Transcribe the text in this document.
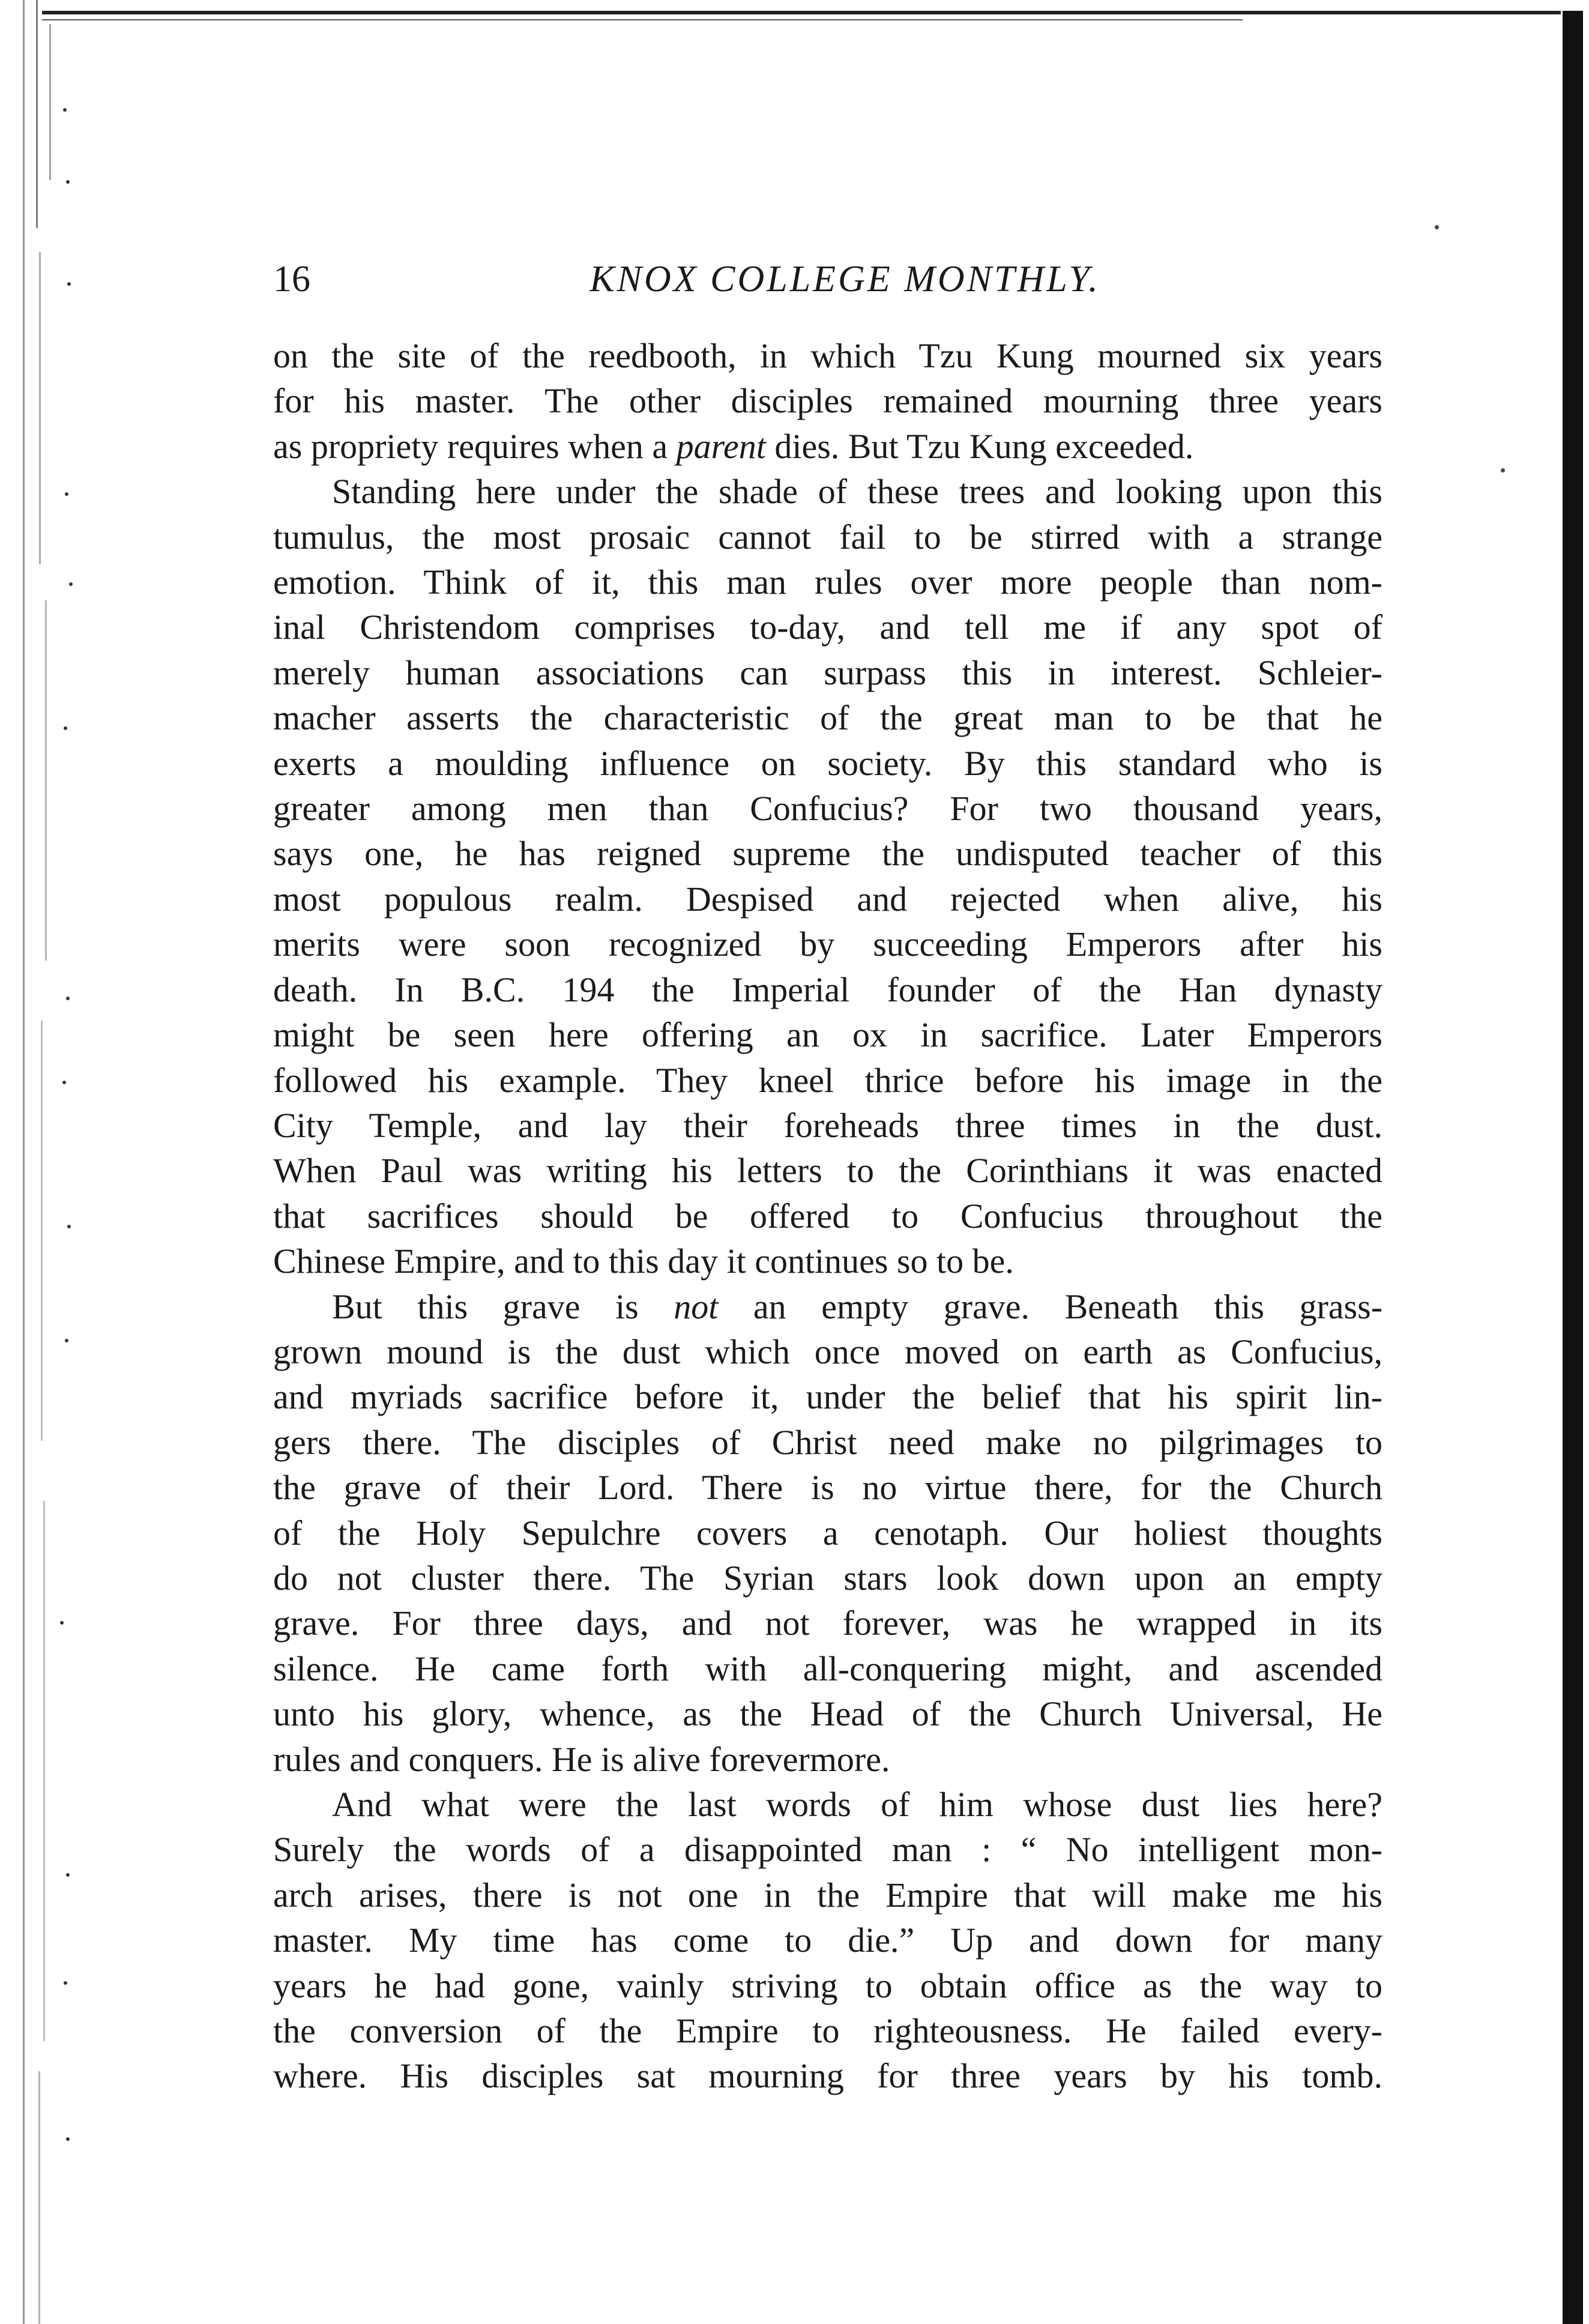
16	KNOX COLLEGE MONTHLY.
on the site of the reedbooth, in which Tzu Kung mourned six years
for his master. The other disciples remained mourning three years
as propriety requires when a parent dies. But Tzu Kung exceeded.
Standing here under the shade of these trees and looking upon this
tumulus, the most prosaic cannot fail to be stirred with a strange
emotion. Think of it, this man rules over more people than nom-
inal Christendom comprises to-day, and tell me if any spot of
merely human associations can surpass this in interest. Schleier-
macher asserts the characteristic of the great man to be that he
exerts a moulding influence on society. By this standard who is
greater among men than Confucius? For two thousand years,
says one, he has reigned supreme the undisputed teacher of this
most populous realm. Despised and rejected when alive, his
merits were soon recognized by succeeding Emperors after his
death. In B.C. 194 the Imperial founder of the Han dynasty
might be seen here offering an ox in sacrifice. Later Emperors
followed his example. They kneel thrice before his image in the
City Temple, and lay their foreheads three times in the dust.
When Paul was writing his letters to the Corinthians it was enacted
that sacrifices should be offered to Confucius throughout the
Chinese Empire, and to this day it continues so to be.
But this grave is not an empty grave. Beneath this grass-
grown mound is the dust which once moved on earth as Confucius,
and myriads sacrifice before it, under the belief that his spirit lin-
gers there. The disciples of Christ need make no pilgrimages to
the grave of their Lord. There is no virtue there, for the Church
of the Holy Sepulchre covers a cenotaph. Our holiest thoughts
do not cluster there. The Syrian stars look down upon an empty
grave. For three days, and not forever, was he wrapped in its
silence. He came forth with all-conquering might, and ascended
unto his glory, whence, as the Head of the Church Universal, He
rules and conquers. He is alive forevermore.
And what were the last words of him whose dust lies here?
Surely the words of a disappointed man : “ No intelligent mon-
arch arises, there is not one in the Empire that will make me his
master. My time has come to die.” Up and down for many
years he had gone, vainly striving to obtain office as the way to
the conversion of the Empire to righteousness. He failed every-
where. His disciples sat mourning for three years by his tomb.
